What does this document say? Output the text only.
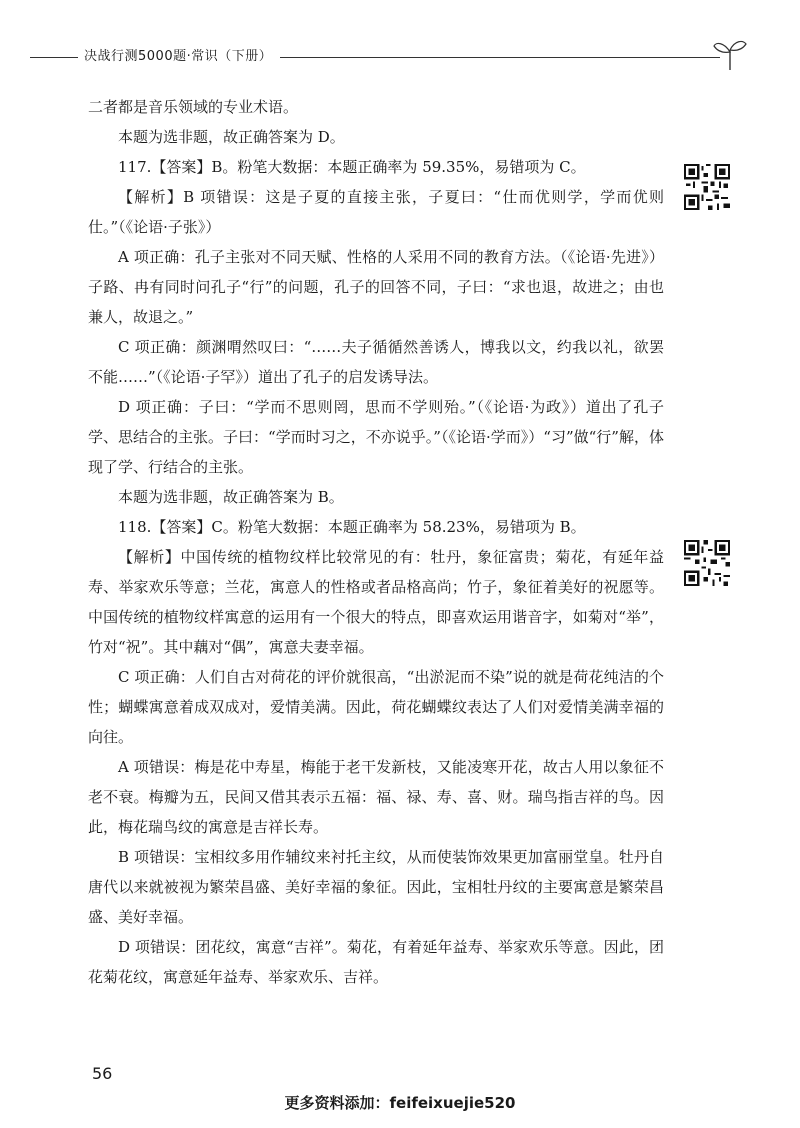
决战行测5000题·常识（下册）

二者都是音乐领域的专业术语。

本题为选非题，故正确答案为 D。

117.【答案】B。粉笔大数据：本题正确率为 59.35%，易错项为 C。

【解析】B 项错误：这是子夏的直接主张，子夏曰：“仕而优则学，学而优则仕。”（《论语·子张》）

A 项正确：孔子主张对不同天赋、性格的人采用不同的教育方法。（《论语·先进》）子路、冉有同时问孔子“行”的问题，孔子的回答不同，子曰：“求也退，故进之；由也兼人，故退之。”

C 项正确：颜渊喟然叹曰：“……夫子循循然善诱人，博我以文，约我以礼，欲罢不能……”（《论语·子罕》）道出了孔子的启发诱导法。

D 项正确：子曰：“学而不思则罔，思而不学则殆。”（《论语·为政》）道出了孔子学、思结合的主张。子曰：“学而时习之，不亦说乎。”（《论语·学而》）“习”做“行”解，体现了学、行结合的主张。

本题为选非题，故正确答案为 B。

118.【答案】C。粉笔大数据：本题正确率为 58.23%，易错项为 B。

【解析】中国传统的植物纹样比较常见的有：牡丹，象征富贵；菊花，有延年益寿、举家欢乐等意；兰花，寓意人的性格或者品格高尚；竹子，象征着美好的祝愿等。中国传统的植物纹样寓意的运用有一个很大的特点，即喜欢运用谐音字，如菊对“举”，竹对“祝”。其中藕对“偶”，寓意夫妻幸福。

C 项正确：人们自古对荷花的评价就很高，“出淤泥而不染”说的就是荷花纯洁的个性；蝴蝶寓意着成双成对，爱情美满。因此，荷花蝴蝶纹表达了人们对爱情美满幸福的向往。

A 项错误：梅是花中寿星，梅能于老干发新枝，又能凌寒开花，故古人用以象征不老不衰。梅瓣为五，民间又借其表示五福：福、禄、寿、喜、财。瑞鸟指吉祥的鸟。因此，梅花瑞鸟纹的寓意是吉祥长寿。

B 项错误：宝相纹多用作辅纹来衬托主纹，从而使装饰效果更加富丽堂皇。牡丹自唐代以来就被视为繁荣昌盛、美好幸福的象征。因此，宝相牡丹纹的主要寓意是繁荣昌盛、美好幸福。

D 项错误：团花纹，寓意“吉祥”。菊花，有着延年益寿、举家欢乐等意。因此，团花菊花纹，寓意延年益寿、举家欢乐、吉祥。

56
更多资料添加：feifeixuejie520
